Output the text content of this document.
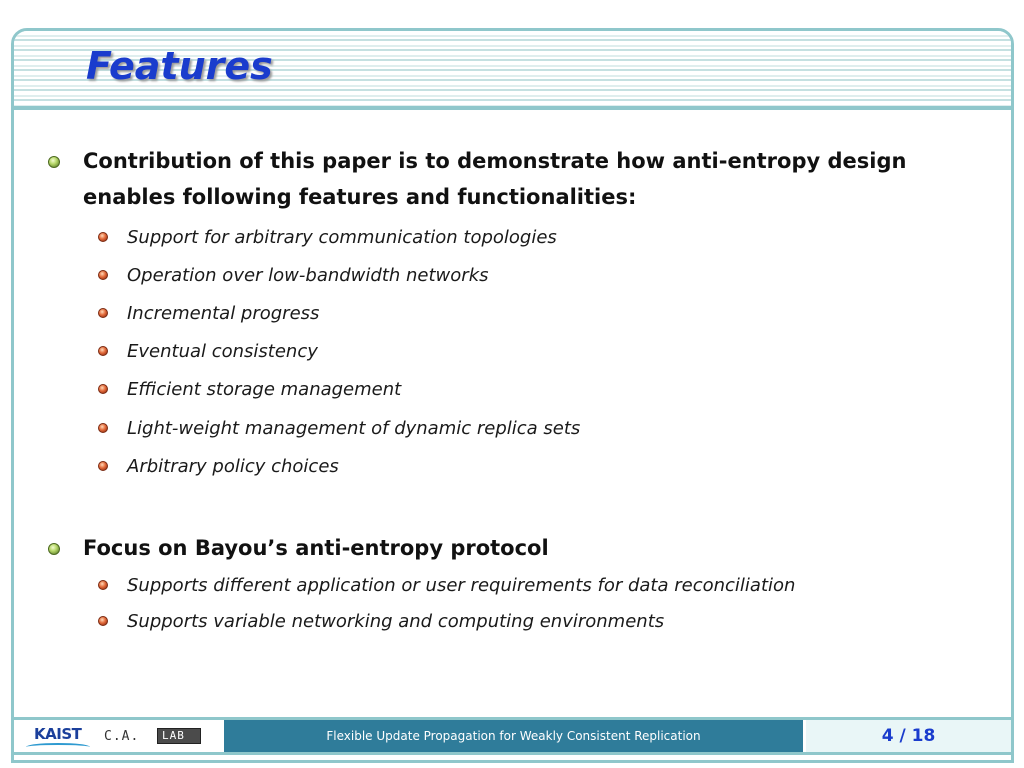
Features

Contribution of this paper is to demonstrate how anti-entropy design
enables following features and functionalities:

Support for arbitrary communication topologies

Operation over low-bandwidth networks

Incremental progress

Eventual consistency

Efficient storage management

Light-weight management of dynamic replica sets

Arbitrary policy choices

Focus on Bayou’s anti-entropy protocol

Supports different application or user requirements for data reconciliation

Supports variable networking and computing environments

KAIST C.A. LAB	Flexible Update Propagation for Weakly Consistent Replication	4 / 18
